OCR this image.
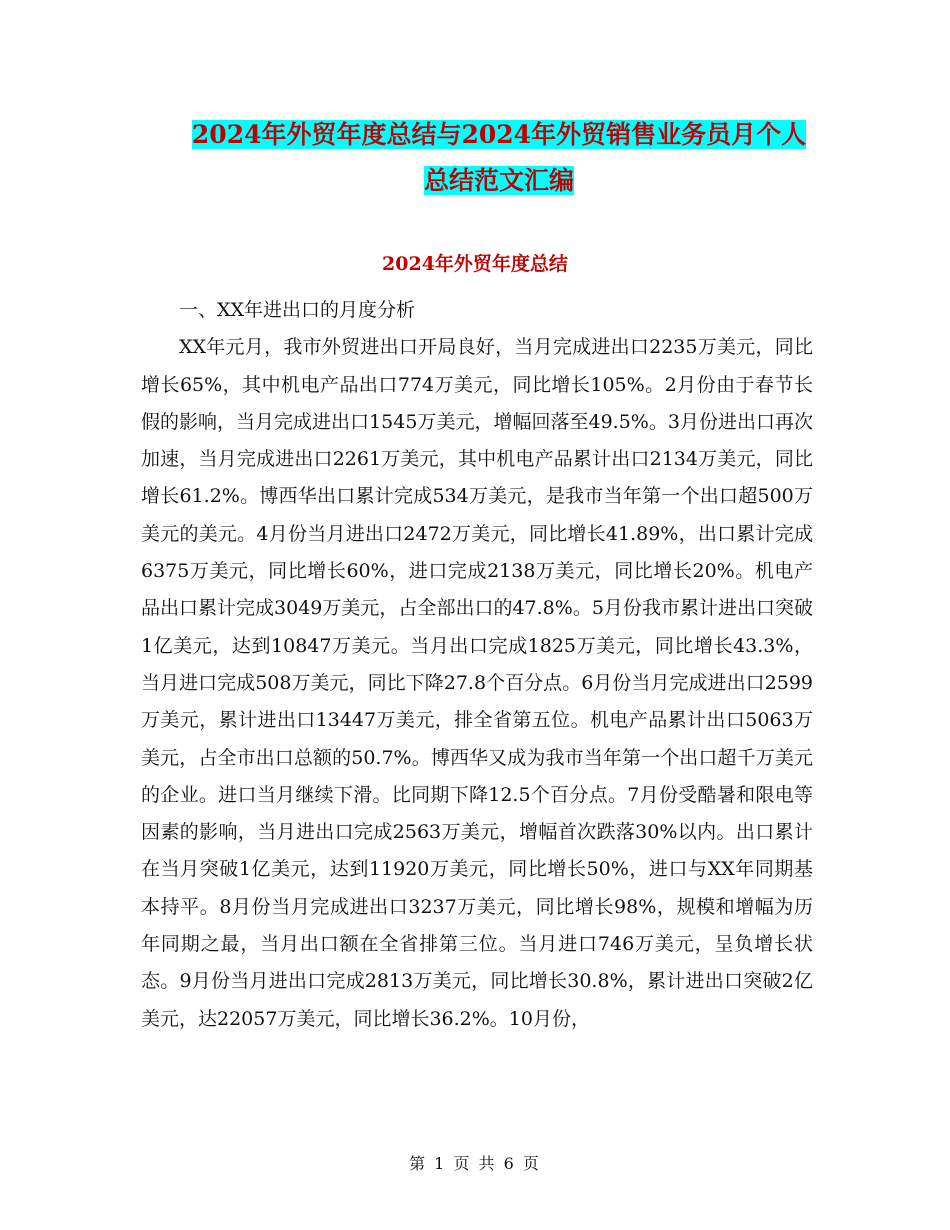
2024年外贸年度总结与2024年外贸销售业务员月个人
总结范文汇编
2024年外贸年度总结

一、XX年进出口的月度分析

XX年元月，我市外贸进出口开局良好，当月完成进出口2235万美元，同比增长65%，其中机电产品出口774万美元，同比增长105%。2月份由于春节长假的影响，当月完成进出口1545万美元，增幅回落至49.5%。3月份进出口再次加速，当月完成进出口2261万美元，其中机电产品累计出口2134万美元，同比增长61.2%。博西华出口累计完成534万美元，是我市当年第一个出口超500万美元的美元。4月份当月进出口2472万美元，同比增长41.89%，出口累计完成6375万美元，同比增长60%，进口完成2138万美元，同比增长20%。机电产品出口累计完成3049万美元，占全部出口的47.8%。5月份我市累计进出口突破1亿美元，达到10847万美元。当月出口完成1825万美元，同比增长43.3%，当月进口完成508万美元，同比下降27.8个百分点。6月份当月完成进出口2599万美元，累计进出口13447万美元，排全省第五位。机电产品累计出口5063万美元，占全市出口总额的50.7%。博西华又成为我市当年第一个出口超千万美元的企业。进口当月继续下滑。比同期下降12.5个百分点。7月份受酷暑和限电等因素的影响，当月进出口完成2563万美元，增幅首次跌落30%以内。出口累计在当月突破1亿美元，达到11920万美元，同比增长50%，进口与XX年同期基本持平。8月份当月完成进出口3237万美元，同比增长98%，规模和增幅为历年同期之最，当月出口额在全省排第三位。当月进口746万美元，呈负增长状态。9月份当月进出口完成2813万美元，同比增长30.8%，累计进出口突破2亿美元，达22057万美元，同比增长36.2%。10月份，

第 1 页 共 6 页
